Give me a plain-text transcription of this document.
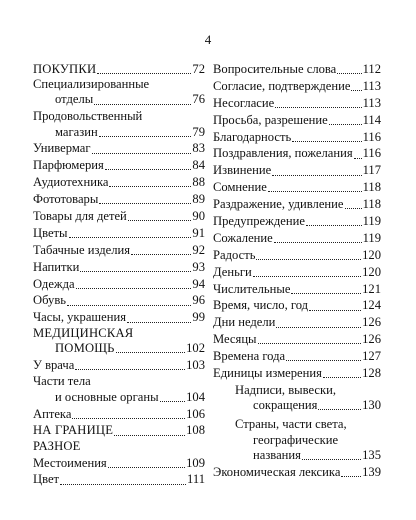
4
ПОКУПКИ	72
Специализированные
отделы	76
Продовольственный
магазин	79
Универмаг	83
Парфюмерия	84
Аудиотехника	88
Фототовары	89
Товары для детей	90
Цветы	91
Табачные изделия	92
Напитки	93
Одежда	94
Обувь	96
Часы, украшения	99
МЕДИЦИНСКАЯ
ПОМОЩЬ	102
У врача	103
Части тела
и основные органы 104
Аптека	106
НА ГРАНИЦЕ	108
РАЗНОЕ
Местоимения	109
Цвет	111
Вопросительные слова 112
Согласие, подтверждение 113
Несогласие	113
Просьба, разрешение	114
Благодарность	116
Поздравления, пожелания 116
Извинение	117
Сомнение	118
Раздражение, удивление 118
Предупреждение	119
Сожаление	119
Радость	120
Деньги	120
Числительные	121
Время, число, год	124
Дни недели	126
Месяцы	126
Времена года	127
Единицы измерения	128
Надписи, вывески,
сокращения	130
Страны, части света,
географические
названия	135
Экономическая лексика 139
